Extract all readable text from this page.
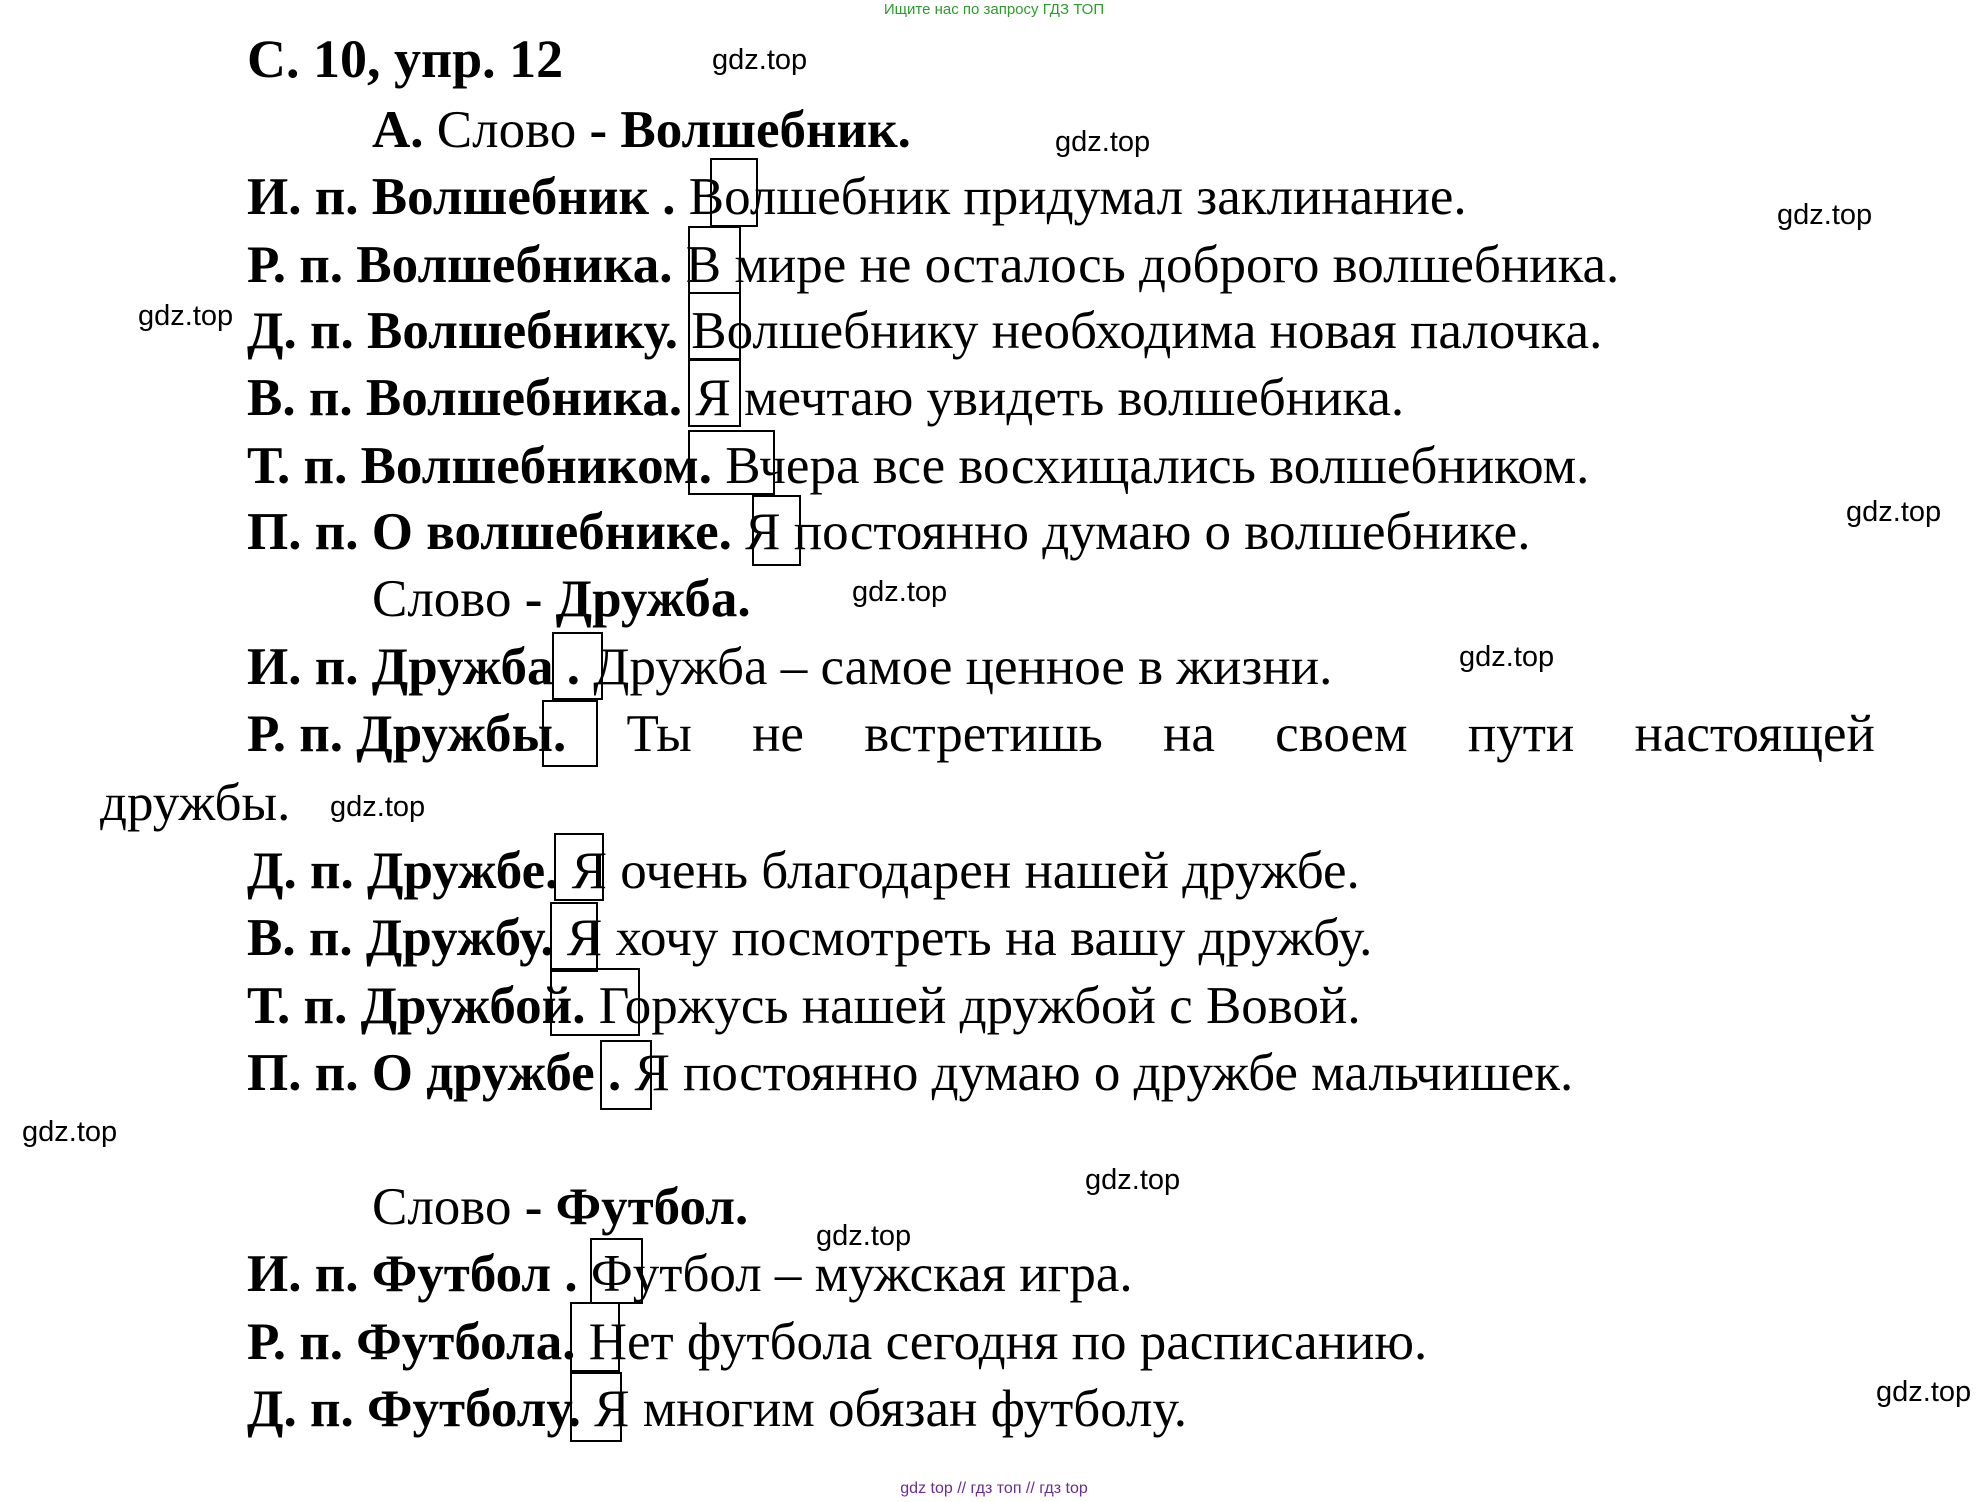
Ищите нас по запросу ГДЗ ТОП
С. 10, упр. 12	gdz.top
gdz.top
gdz.top
gdz.top
gdz.top
gdz.top
gdz.top
gdz.top
gdz.top
gdz.top
gdz.top
gdz.top
А. Слово - Волшебник.
И. п. Волшебник . Волшебник придумал заклинание.
Р. п. Волшебника. В мире не осталось доброго волшебника.
Д. п. Волшебнику. Волшебнику необходима новая палочка.
В. п. Волшебника. Я мечтаю увидеть волшебника.
Т. п. Волшебником. Вчера все восхищались волшебником.
П. п. О волшебнике. Я постоянно думаю о волшебнике.
Слово - Дружба.
И. п. Дружба . Дружба – самое ценное в жизни.
Р. п. Дружбы. Ты не встретишь на своем пути настоящей
дружбы.
Д. п. Дружбе. Я очень благодарен нашей дружбе.
В. п. Дружбу. Я хочу посмотреть на вашу дружбу.
Т. п. Дружбой. Горжусь нашей дружбой с Вовой.
П. п. О дружбе . Я постоянно думаю о дружбе мальчишек.
Слово - Футбол.
И. п. Футбол . Футбол – мужская игра.
Р. п. Футбола. Нет футбола сегодня по расписанию.
Д. п. Футболу. Я многим обязан футболу.
gdz top // гдз топ // гдз top
